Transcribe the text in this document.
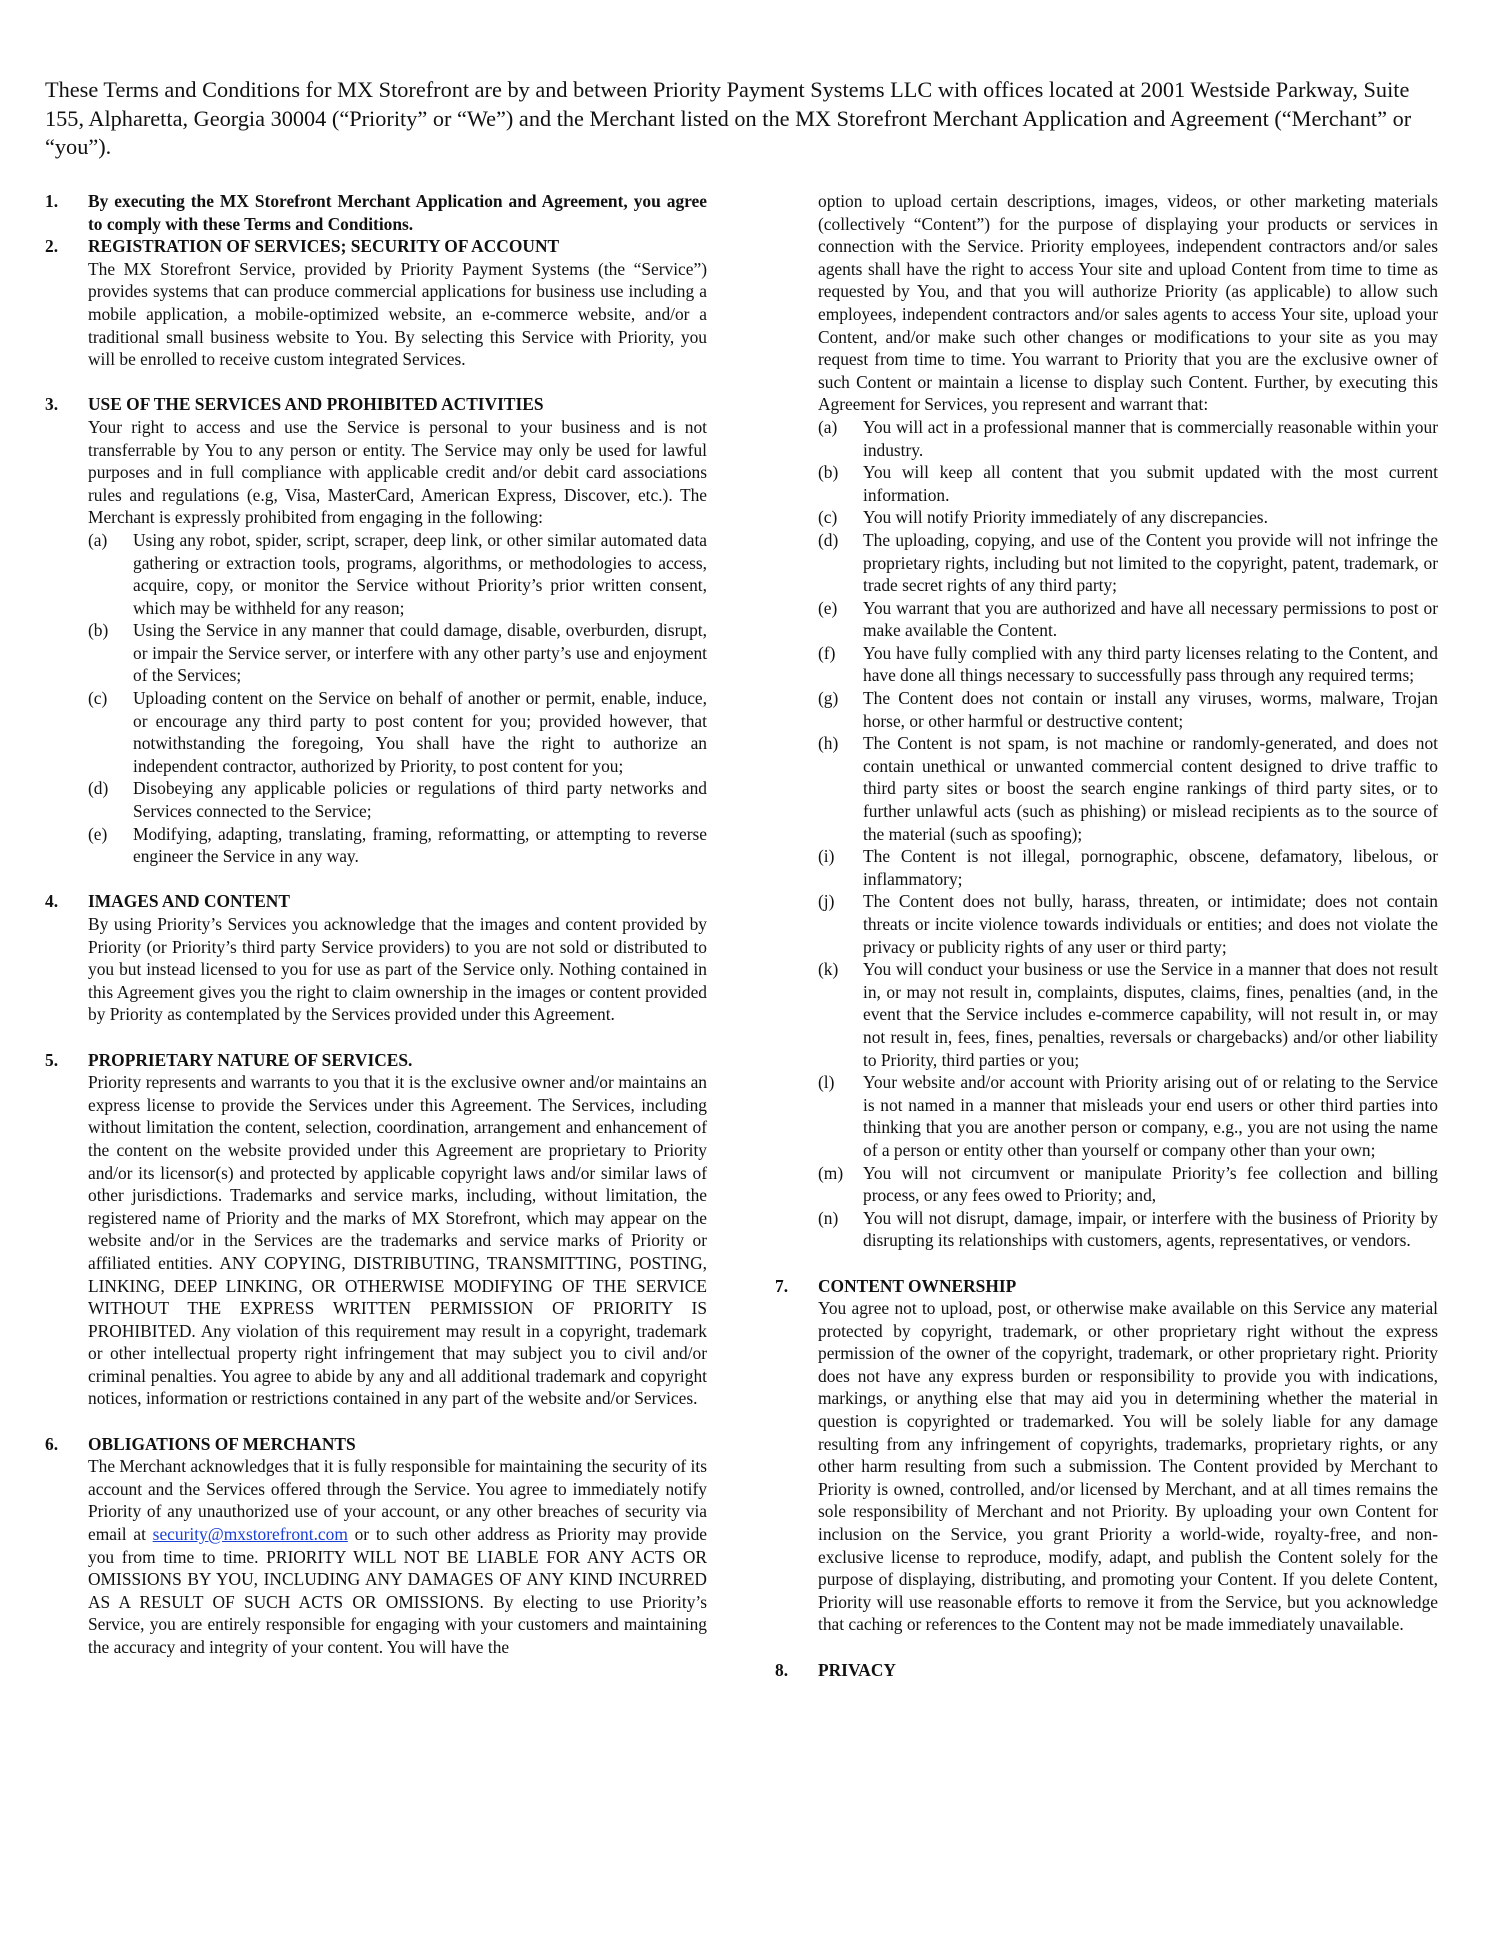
These Terms and Conditions for MX Storefront are by and between Priority Payment Systems LLC with offices located at 2001 Westside Parkway, Suite 155, Alpharetta, Georgia 30004 (“Priority” or “We”) and the Merchant listed on the MX Storefront Merchant Application and Agreement (“Merchant” or “you”).
1. By executing the MX Storefront Merchant Application and Agreement, you agree to comply with these Terms and Conditions.
2. REGISTRATION OF SERVICES; SECURITY OF ACCOUNT
The MX Storefront Service, provided by Priority Payment Systems (the “Service”) provides systems that can produce commercial applications for business use including a mobile application, a mobile-optimized website, an e-commerce website, and/or a traditional small business website to You. By selecting this Service with Priority, you will be enrolled to receive custom integrated Services.
3. USE OF THE SERVICES AND PROHIBITED ACTIVITIES
Your right to access and use the Service is personal to your business and is not transferrable by You to any person or entity. The Service may only be used for lawful purposes and in full compliance with applicable credit and/or debit card associations rules and regulations (e.g, Visa, MasterCard, American Express, Discover, etc.). The Merchant is expressly prohibited from engaging in the following:
(a) Using any robot, spider, script, scraper, deep link, or other similar automated data gathering or extraction tools, programs, algorithms, or methodologies to access, acquire, copy, or monitor the Service without Priority’s prior written consent, which may be withheld for any reason;
(b) Using the Service in any manner that could damage, disable, overburden, disrupt, or impair the Service server, or interfere with any other party’s use and enjoyment of the Services;
(c) Uploading content on the Service on behalf of another or permit, enable, induce, or encourage any third party to post content for you; provided however, that notwithstanding the foregoing, You shall have the right to authorize an independent contractor, authorized by Priority, to post content for you;
(d) Disobeying any applicable policies or regulations of third party networks and Services connected to the Service;
(e) Modifying, adapting, translating, framing, reformatting, or attempting to reverse engineer the Service in any way.
4. IMAGES AND CONTENT
By using Priority’s Services you acknowledge that the images and content provided by Priority (or Priority’s third party Service providers) to you are not sold or distributed to you but instead licensed to you for use as part of the Service only. Nothing contained in this Agreement gives you the right to claim ownership in the images or content provided by Priority as contemplated by the Services provided under this Agreement.
5. PROPRIETARY NATURE OF SERVICES.
Priority represents and warrants to you that it is the exclusive owner and/or maintains an express license to provide the Services under this Agreement. The Services, including without limitation the content, selection, coordination, arrangement and enhancement of the content on the website provided under this Agreement are proprietary to Priority and/or its licensor(s) and protected by applicable copyright laws and/or similar laws of other jurisdictions. Trademarks and service marks, including, without limitation, the registered name of Priority and the marks of MX Storefront, which may appear on the website and/or in the Services are the trademarks and service marks of Priority or affiliated entities. ANY COPYING, DISTRIBUTING, TRANSMITTING, POSTING, LINKING, DEEP LINKING, OR OTHERWISE MODIFYING OF THE SERVICE WITHOUT THE EXPRESS WRITTEN PERMISSION OF PRIORITY IS PROHIBITED. Any violation of this requirement may result in a copyright, trademark or other intellectual property right infringement that may subject you to civil and/or criminal penalties. You agree to abide by any and all additional trademark and copyright notices, information or restrictions contained in any part of the website and/or Services.
6. OBLIGATIONS OF MERCHANTS
The Merchant acknowledges that it is fully responsible for maintaining the security of its account and the Services offered through the Service. You agree to immediately notify Priority of any unauthorized use of your account, or any other breaches of security via email at security@mxstorefront.com or to such other address as Priority may provide you from time to time. PRIORITY WILL NOT BE LIABLE FOR ANY ACTS OR OMISSIONS BY YOU, INCLUDING ANY DAMAGES OF ANY KIND INCURRED AS A RESULT OF SUCH ACTS OR OMISSIONS. By electing to use Priority’s Service, you are entirely responsible for engaging with your customers and maintaining the accuracy and integrity of your content. You will have the
option to upload certain descriptions, images, videos, or other marketing materials (collectively “Content”) for the purpose of displaying your products or services in connection with the Service. Priority employees, independent contractors and/or sales agents shall have the right to access Your site and upload Content from time to time as requested by You, and that you will authorize Priority (as applicable) to allow such employees, independent contractors and/or sales agents to access Your site, upload your Content, and/or make such other changes or modifications to your site as you may request from time to time. You warrant to Priority that you are the exclusive owner of such Content or maintain a license to display such Content. Further, by executing this Agreement for Services, you represent and warrant that:
(a) You will act in a professional manner that is commercially reasonable within your industry.
(b) You will keep all content that you submit updated with the most current information.
(c) You will notify Priority immediately of any discrepancies.
(d) The uploading, copying, and use of the Content you provide will not infringe the proprietary rights, including but not limited to the copyright, patent, trademark, or trade secret rights of any third party;
(e) You warrant that you are authorized and have all necessary permissions to post or make available the Content.
(f) You have fully complied with any third party licenses relating to the Content, and have done all things necessary to successfully pass through any required terms;
(g) The Content does not contain or install any viruses, worms, malware, Trojan horse, or other harmful or destructive content;
(h) The Content is not spam, is not machine or randomly-generated, and does not contain unethical or unwanted commercial content designed to drive traffic to third party sites or boost the search engine rankings of third party sites, or to further unlawful acts (such as phishing) or mislead recipients as to the source of the material (such as spoofing);
(i) The Content is not illegal, pornographic, obscene, defamatory, libelous, or inflammatory;
(j) The Content does not bully, harass, threaten, or intimidate; does not contain threats or incite violence towards individuals or entities; and does not violate the privacy or publicity rights of any user or third party;
(k) You will conduct your business or use the Service in a manner that does not result in, or may not result in, complaints, disputes, claims, fines, penalties (and, in the event that the Service includes e-commerce capability, will not result in, or may not result in, fees, fines, penalties, reversals or chargebacks) and/or other liability to Priority, third parties or you;
(l) Your website and/or account with Priority arising out of or relating to the Service is not named in a manner that misleads your end users or other third parties into thinking that you are another person or company, e.g., you are not using the name of a person or entity other than yourself or company other than your own;
(m) You will not circumvent or manipulate Priority’s fee collection and billing process, or any fees owed to Priority; and,
(n) You will not disrupt, damage, impair, or interfere with the business of Priority by disrupting its relationships with customers, agents, representatives, or vendors.
7. CONTENT OWNERSHIP
You agree not to upload, post, or otherwise make available on this Service any material protected by copyright, trademark, or other proprietary right without the express permission of the owner of the copyright, trademark, or other proprietary right. Priority does not have any express burden or responsibility to provide you with indications, markings, or anything else that may aid you in determining whether the material in question is copyrighted or trademarked. You will be solely liable for any damage resulting from any infringement of copyrights, trademarks, proprietary rights, or any other harm resulting from such a submission. The Content provided by Merchant to Priority is owned, controlled, and/or licensed by Merchant, and at all times remains the sole responsibility of Merchant and not Priority. By uploading your own Content for inclusion on the Service, you grant Priority a world-wide, royalty-free, and non-exclusive license to reproduce, modify, adapt, and publish the Content solely for the purpose of displaying, distributing, and promoting your Content. If you delete Content, Priority will use reasonable efforts to remove it from the Service, but you acknowledge that caching or references to the Content may not be made immediately unavailable.
8. PRIVACY
